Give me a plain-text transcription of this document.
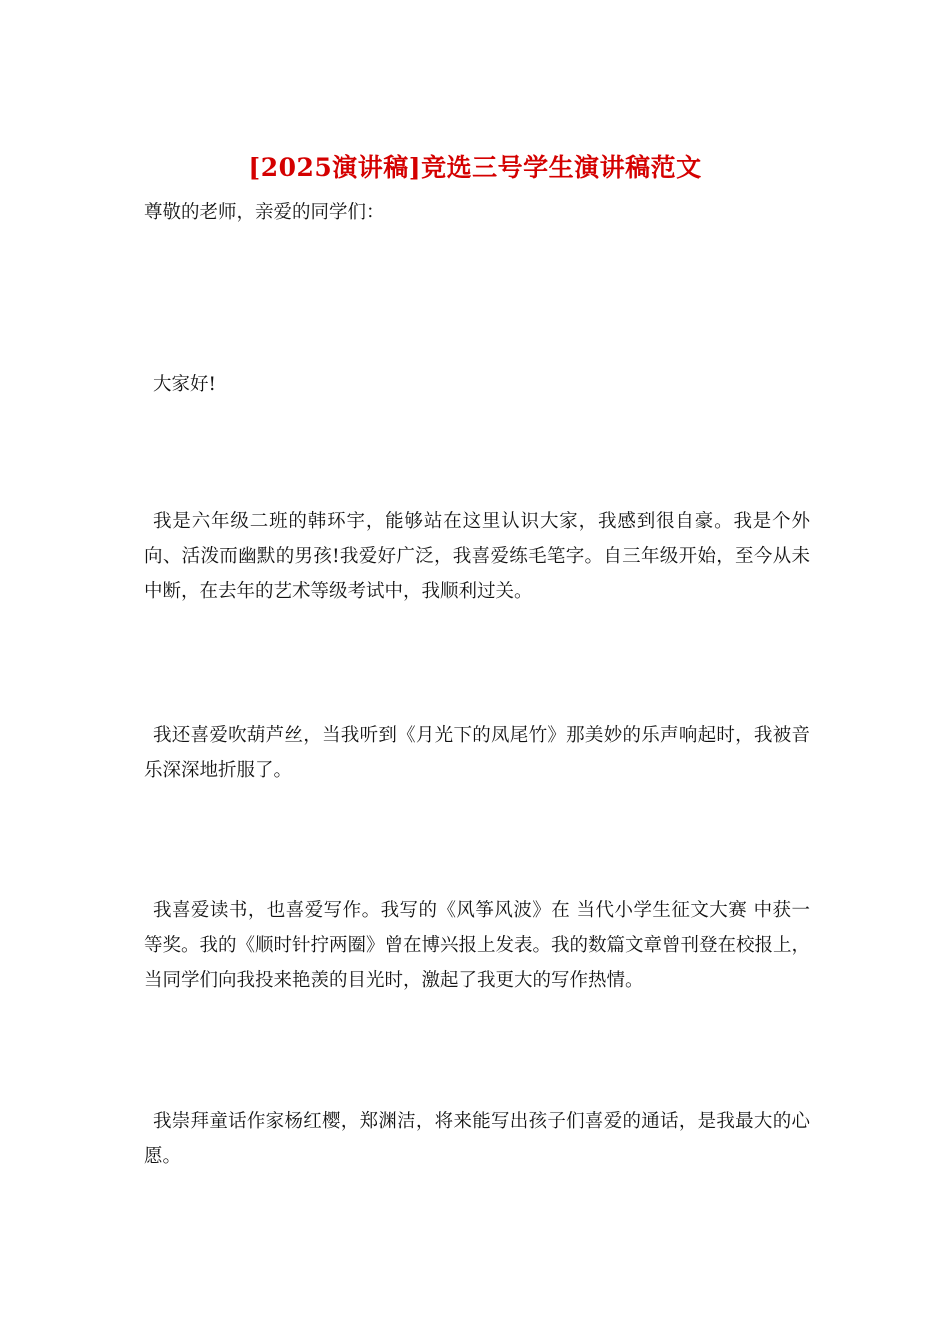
[2025演讲稿]竞选三号学生演讲稿范文
尊敬的老师，亲爱的同学们：
大家好!
我是六年级二班的韩环宇，能够站在这里认识大家，我感到很自豪。我是个外向、活泼而幽默的男孩!我爱好广泛，我喜爱练毛笔字。自三年级开始，至今从未中断，在去年的艺术等级考试中，我顺利过关。
我还喜爱吹葫芦丝，当我听到《月光下的凤尾竹》那美妙的乐声响起时，我被音乐深深地折服了。
我喜爱读书，也喜爱写作。我写的《风筝风波》在 当代小学生征文大赛 中获一等奖。我的《顺时针拧两圈》曾在博兴报上发表。我的数篇文章曾刊登在校报上，当同学们向我投来艳羡的目光时，激起了我更大的写作热情。
我崇拜童话作家杨红樱，郑渊洁，将来能写出孩子们喜爱的通话，是我最大的心愿。
